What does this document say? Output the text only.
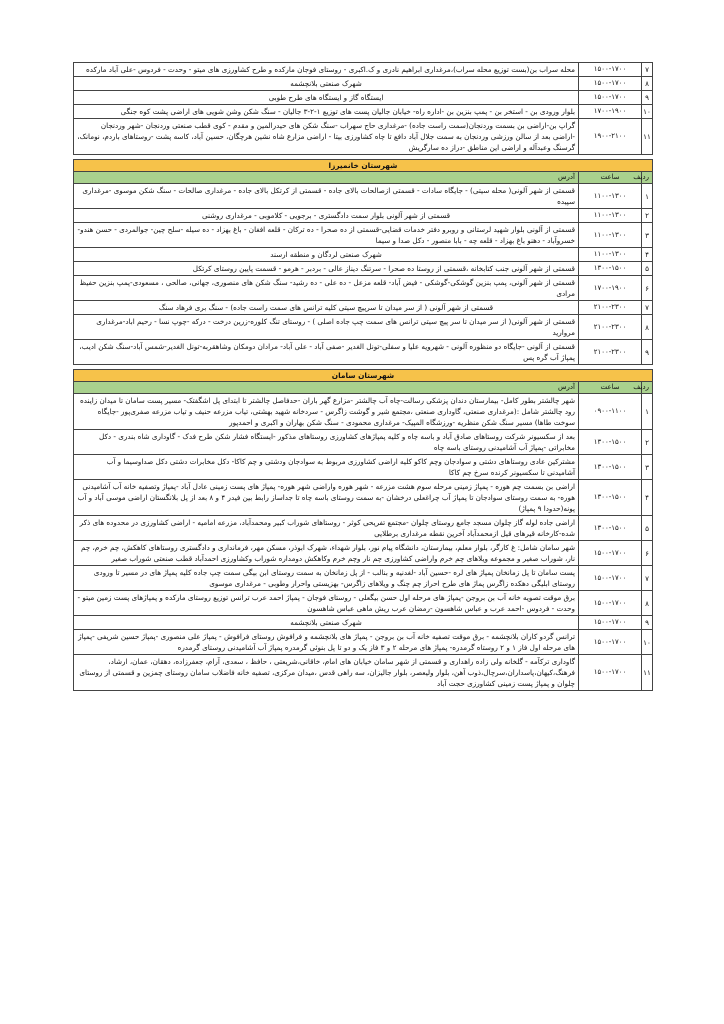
۷	۱۵۰۰-۱۷۰۰	محله سراب بن(بست توزیع محله سراب)،مرغداری ابراهیم نادری و ک.اکبری - روستای فوجان ماركده و طرح کشاورزی های میتو - وحدت - فردوس -علی آباد ماركده
۸	۱۵۰۰-۱۷۰۰	شهرک صنعتی بلانچشمه
۹	۱۵۰۰-۱۷۰۰	ایستگاه گاز و ایستگاه های طرح طوبی
۱۰	۱۷۰۰-۱۹۰۰	بلوار ورودی بن - استخر بن - پمپ بنزین بن -اداره راه- خیابان جالیان پست های توزیع ۱-۲-۳ جالیان - سنگ شکن وشن شویی های اراضی پشت کوه جنگی
۱۱	۱۹۰۰-۲۱۰۰	گراپ بن-اراضی بن بسمت وردنجان(سمت راست جاده) -مرغداری حاج سهراب -سنگ شکن های حیدرالمین و مقدم - کوی قطب صنعتی وردنجان -شهر وردنجان -اراضی بعد از سالن ورزشی وردنجان به سمت جلال آباد دافع تا چاه کشاورزی بیتا - اراضی مزارع شاه نشین هرچگان، حسین آباد، کاسه پشت -روستاهای باردم، نومانک، گرسنگ وعبدآله و اراضی این مناطق -دراز ده سارگریش

شهرستان خانمیرزا		
ردیف	ساعت	آدرس
۱	۱۱۰۰-۱۳۰۰	قسمتی از شهر آلونی( محله سیتی) - جایگاه سادات - قسمتی ازصالحات بالای جاده - قسمتی از کرتکل بالای جاده - مرغداری صالحات - سنگ شکن موسوی -مرغداری سپیده
۲	۱۱۰۰-۱۳۰۰	قسمتی از شهر آلونی بلوار سمت دادگستری - برجویی - کلاموبی - مرغداری روشنی
۳	۱۱۰۰-۱۳۰۰	قسمتی از آلونی بلوار شهید لرستانی و روبرو دفتر خدمات قضایی-قسمتی از ده صحرا - ده ترکان - قلعه افغان - باغ بهزاد - ده سیله -سلح چین- جوالمردی - حسن هندو- خسروآباد - دهنو باغ بهزاد - قلعه چه - بابا منصور - دکل صدا و سیما
۴	۱۱۰۰-۱۳۰۰	شهرک صنعتی لردگان و منطقه ارسند
۵	۱۳۰۰-۱۵۰۰	قسمتی از شهر آلونی جنب کتابخانه ،قسمتی از روستا ده صحرا - سرتنگ دیناز عالی - بردبر - هرمو - قسمت پایین روستای کرتکل
۶	۱۷۰۰-۱۹۰۰	قسمتی از شهر آلونی، پمپ بنزین گوشکی-گوشکی - فیض آباد- قلعه مزعل - ده علی - ده رشید- سنگ شکن های منصوری، جهانی، صالحی ، مسعودی-پمپ بنزین حفیظ مرادی
۷	۲۱۰۰-۲۳۰۰	قسمتی از شهر آلونی ( از سر میدان تا سرپیچ سیتی کلیه ترانس های سمت راست جاده) - سنگ بری فرهاد سنگ
۸	۲۱۰۰-۲۳۰۰	قسمتی از شهر آلونی( از سر میدان تا سر پیچ سیتی ترانس های سمت چپ جاده اصلی ) - روستای تنگ کلوره-زرین درخت - درکه -چوپ نسا - رحیم اباد-مرغداری مروارید
۹	۲۱۰۰-۲۳۰۰	قسمتی از آلونی -جایگاه دو منظوره آلونی - شهرویه علیا و سفلی-تونل الغدیر -صفی آباد - علی آباد- مرادان دومکان وشاهقربه-تونل الغدیر-شمس آباد-سنگ شکن ادیب، پمپاژ آب گره پس

شهرستان سامان		
ردیف	ساعت	آدرس
۱	۰۹۰۰-۱۱۰۰	شهر چالشتر بطور کامل- بیمارستان دندان پزشکی رسالت-چاه آب چالشتر -مزارع گهر باران -حدفاصل چالشتر تا ابتدای پل اشگفتک- مسیر پست سامان تا میدان زاینده رود چالشتر شامل :(مرغداری صنعتی، گاوداری صنعتی ،مجتمع شیر و گوشت زاگرس - سردخانه شهید بهشتی، تیاب مزرعه حنیف و تیاب مزرعه صفری‌پور -جایگاه سوخت طاها) مسیر سنگ شکن منظریه -ورزشگاه المپیک- مرغداری محمودی - سنگ شکن بهاران و اکبری و احمدپور
۲	۱۳۰۰-۱۵۰۰	بعد از سکسیونر شرکت روستاهای صادق آباد و باسه چاه و کلیه پمپاژهای کشاورزی روستاهای مذکور -ایستگاه فشار شکن طرح فدک - گاوداری شاه بندری - دکل مخابراتی -پمپاژ آب آشامیدنی روستای باسه چاه
۳	۱۳۰۰-۱۵۰۰	مشترکین عادی روستاهای دشتی و سوادجان وچم کاکو کلیه اراضی کشاورزی مربوط به سوادجان ودشتی و چم کاکا- دکل مخابرات دشتی دکل صداوسیما و آب آشامیدنی تا سکسیونر کرنده سرخ چم کاکا
۴	۱۳۰۰-۱۵۰۰	اراضی بن بسمت چم هوره - پمپاژ زمینی مرحله سوم هشت مزرعه - شهر هوره واراضی شهر هوره- پمپاژ های پست زمینی عادل آباد -پمپاژ وتصفیه خانه آب آشامیدنی هوره- به سمت روستای سوادجان تا پمپاژ آب چراغعلی درخشان -به سمت روستای باسه چاه تا جداساز رابط بین فیدر ۴ و ۸ بعد از پل بلانگستان اراضی موسی آباد و آب پونه(حدودا ۹ پمپاژ)
۵	۱۳۰۰-۱۵۰۰	اراضی جاده لوله گاز چلوان مسجد جامع روستای چلوان -مجتمع تفریحی کوثر - روستاهای شوراب کبیر ومحمدآباد، مزرعه امامیه - اراضی کشاورزی در محدوده های ذکر شده-کارخانه قیرهای قیل ازمحمدآباد آخرین نقطه مرغداری برطلایی
۶	۱۵۰۰-۱۷۰۰	شهر سامان شامل: غ کارگر، بلوار معلم، بیمارستان، دانشگاه پیام نور، بلوار شهداء، شهرک ابوذر، مسکن مهر، فرمانداری و دادگستری روستاهای کاهکش، چم خرم، چم نار، شوراب صغیر و مجموعه ویلاهای چم خرم واراضی کشاورزی چم نار وچم خرم وکاهکش دومداره شوراب وکشاورزی احمدآباد قطب صنعتی شوراب صغیر
۷	۱۵۰۰-۱۷۰۰	پست سامان تا پل زمانخان پمپاژ های لره -حسین آباد -لغدنیه و بنالب - از پل زمانخان به سمت روستای ابن بیگی سمت چپ جاده کلیه پمپاژ های در مسیر تا ورودی روستای ابلیگی دهکده زاگرس پماژ های طرح احراز چم چنگ و ویلاهای زاگرس- بهزیستی واحرار وطوبی - مرغداری موسوی
۸	۱۵۰۰-۱۷۰۰	برق موقت تصویه خانه آب بن بروجن -پمپاژ های مرحله اول حسن بیگعلی - روستای فوجان - پمپاژ احمد عرب ترانس توزیع روستای مارکده و پمپاژهای پست زمین میتو - وحدت - فردوس -احمد عرب و عباس شاهسون -رمضان عرب ریش ماهی عباس شاهسون
۹	۱۵۰۰-۱۷۰۰	شهرک صنعتی بلانچشمه
۱۰	۱۵۰۰-۱۷۰۰	ترانس گردو کاران بلانچشمه - برق موقت تصفیه خانه آب بن بروجن - پمپاژ های بلانچشمه و فرافوش روستای فرافوش - پمپاژ علی منصوری -پمپاژ حسین شریفی -پمپاژ های مرحله اول فاز ۱ و ۲ روستاه گرمدره- پمپاژ های مرحله ۲ و ۳ فاز یک و دو تا پل بنوئی گرمدره پمپاژ آب آشامیدنی روستای گرمدره
۱۱	۱۵۰۰-۱۷۰۰	گاوداری ترکآمه - گلخانه ولی زاده راهداری و قسمتی از شهر سامان خیابان های امام، خاقانی،شریعتی ، حافظ ، سعدی، آرام، جعفرزاده، دهقان، عمان، ارشاد، فرهنگ،کیهان،پاسداران،سرچال،ذوب آهن، بلوار ولیعصر، بلوار جالیزان، سه راهی قدس ،میدان مرکزی، تصفیه خانه فاضلاب سامان روستای چمزین و قسمتی از روستای چلوان و پمپاژ پست زمینی کشاورزی حجت آباد
